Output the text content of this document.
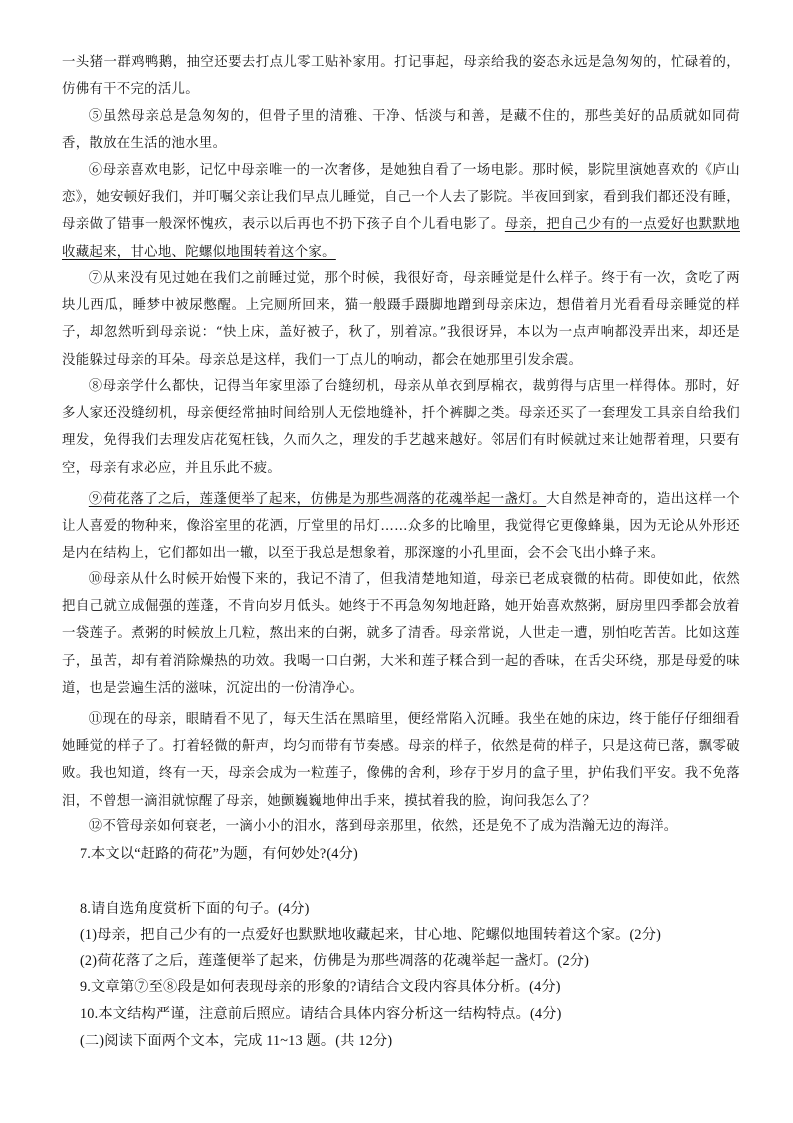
一头猪一群鸡鸭鹅，抽空还要去打点儿零工贴补家用。打记事起，母亲给我的姿态永远是急匆匆的，忙碌着的，仿佛有干不完的活儿。
⑤虽然母亲总是急匆匆的，但骨子里的清雅、干净、恬淡与和善，是藏不住的，那些美好的品质就如同荷香，散放在生活的池水里。
⑥母亲喜欢电影，记忆中母亲唯一的一次奢侈，是她独自看了一场电影。那时候，影院里演她喜欢的《庐山恋》，她安顿好我们，并叮嘱父亲让我们早点儿睡觉，自己一个人去了影院。半夜回到家，看到我们都还没有睡，母亲做了错事一般深怀愧疚，表示以后再也不扔下孩子自个儿看电影了。母亲，把自己少有的一点爱好也默默地收藏起来，甘心地、陀螺似地围转着这个家。
⑦从来没有见过她在我们之前睡过觉，那个时候，我很好奇，母亲睡觉是什么样子。终于有一次，贪吃了两块儿西瓜，睡梦中被尿憋醒。上完厕所回来，猫一般蹑手蹑脚地蹭到母亲床边，想借着月光看看母亲睡觉的样子，却忽然听到母亲说：“快上床，盖好被子，秋了，别着凉。”我很讶异，本以为一点声响都没弄出来，却还是没能躲过母亲的耳朵。母亲总是这样，我们一丁点儿的响动，都会在她那里引发余震。
⑧母亲学什么都快，记得当年家里添了台缝纫机，母亲从单衣到厚棉衣，裁剪得与店里一样得体。那时，好多人家还没缝纫机，母亲便经常抽时间给别人无偿地缝补，扦个裤脚之类。母亲还买了一套理发工具亲自给我们理发，免得我们去理发店花冤枉钱，久而久之，理发的手艺越来越好。邻居们有时候就过来让她帮着理，只要有空，母亲有求必应，并且乐此不疲。
⑨荷花落了之后，莲蓬便举了起来，仿佛是为那些凋落的花魂举起一盏灯。大自然是神奇的，造出这样一个让人喜爱的物种来，像浴室里的花洒，厅堂里的吊灯……众多的比喻里，我觉得它更像蜂巢，因为无论从外形还是内在结构上，它们都如出一辙，以至于我总是想象着，那深邃的小孔里面，会不会飞出小蜂子来。
⑩母亲从什么时候开始慢下来的，我记不清了，但我清楚地知道，母亲已老成衰微的枯荷。即使如此，依然把自己就立成倔强的莲蓬，不肯向岁月低头。她终于不再急匆匆地赶路，她开始喜欢熬粥，厨房里四季都会放着一袋莲子。煮粥的时候放上几粒，熬出来的白粥，就多了清香。母亲常说，人世走一遭，别怕吃苦苦。比如这莲子，虽苦，却有着消除燥热的功效。我喝一口白粥，大米和莲子糅合到一起的香味，在舌尖环绕，那是母爱的味道，也是尝遍生活的滋味，沉淀出的一份清净心。
⑪现在的母亲，眼睛看不见了，每天生活在黑暗里，便经常陷入沉睡。我坐在她的床边，终于能仔仔细细看她睡觉的样子了。打着轻微的鼾声，均匀而带有节奏感。母亲的样子，依然是荷的样子，只是这荷已落，飘零破败。我也知道，终有一天，母亲会成为一粒莲子，像佛的舍利，珍存于岁月的盒子里，护佑我们平安。我不免落泪，不曾想一滴泪就惊醒了母亲，她颤巍巍地伸出手来，摸拭着我的脸，询问我怎么了？
⑫不管母亲如何衰老，一滴小小的泪水，落到母亲那里，依然，还是免不了成为浩瀚无边的海洋。
7.本文以“赶路的荷花”为题，有何妙处?(4分)
8.请自选角度赏析下面的句子。(4分)
(1)母亲，把自己少有的一点爱好也默默地收藏起来，甘心地、陀螺似地围转着这个家。(2分)
(2)荷花落了之后，莲蓬便举了起来，仿佛是为那些凋落的花魂举起一盏灯。(2分)
9.文章第⑦至⑧段是如何表现母亲的形象的?请结合文段内容具体分析。(4分)
10.本文结构严谨，注意前后照应。请结合具体内容分析这一结构特点。(4分)
(二)阅读下面两个文本，完成 11~13 题。(共 12分)
